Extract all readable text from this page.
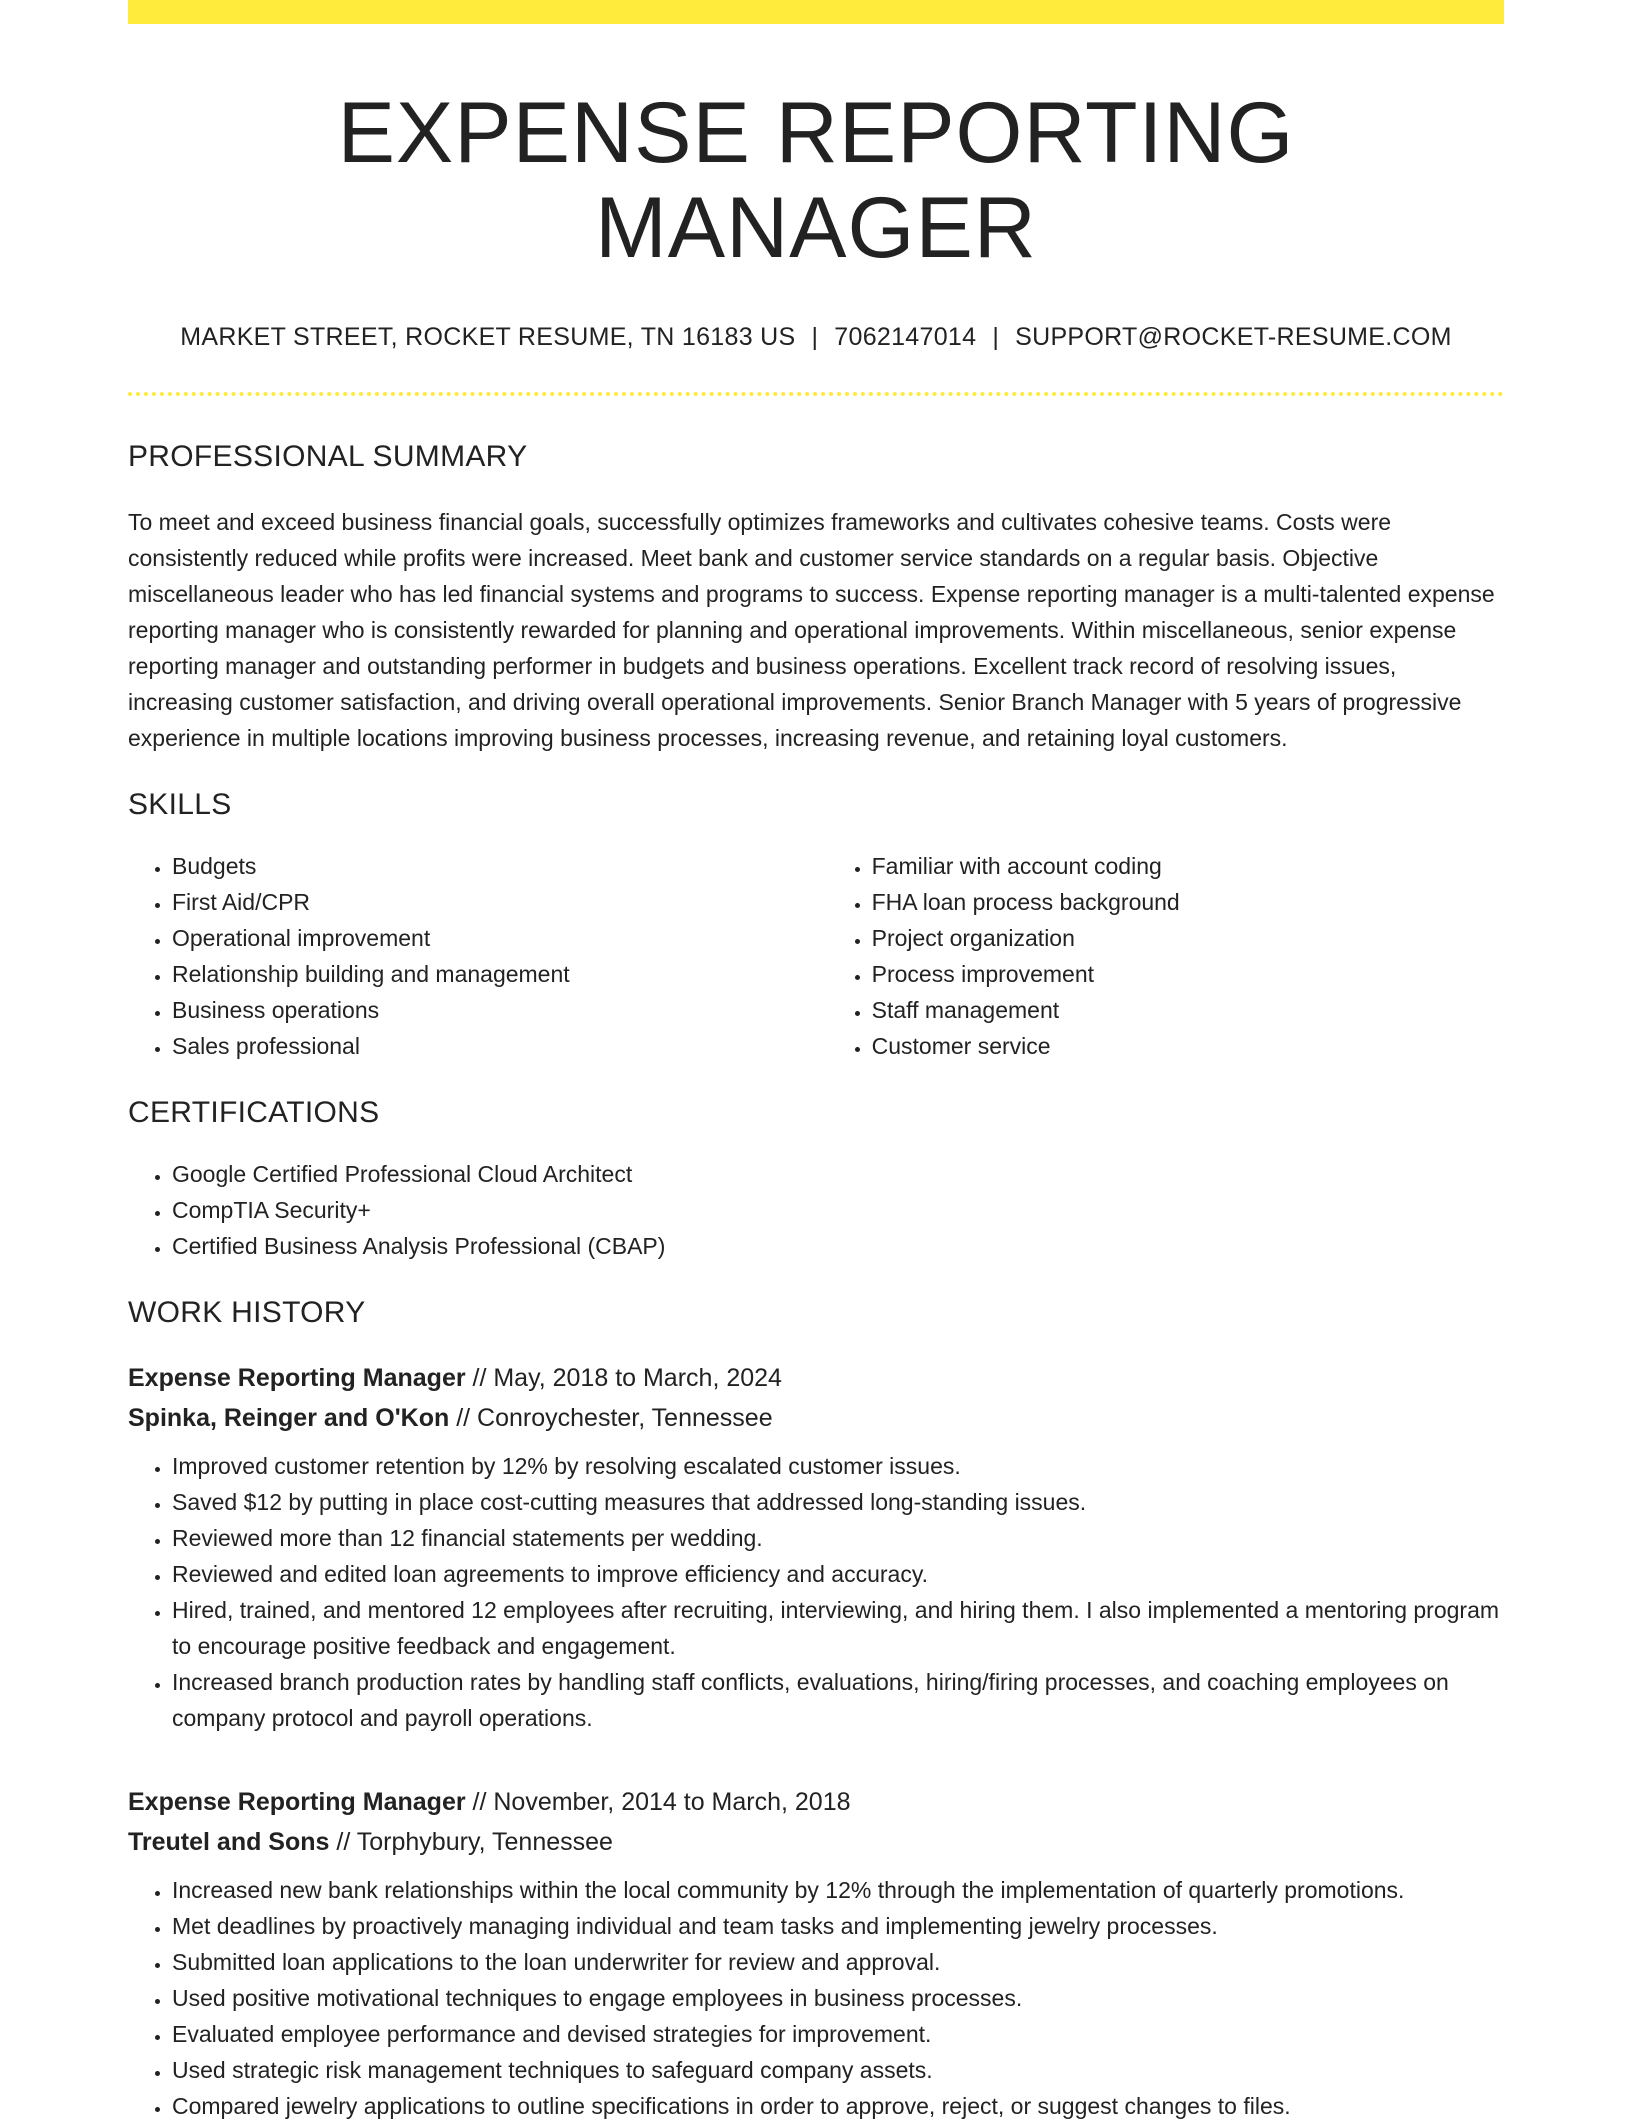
EXPENSE REPORTING MANAGER
MARKET STREET, ROCKET RESUME, TN 16183 US | 7062147014 | SUPPORT@ROCKET-RESUME.COM
PROFESSIONAL SUMMARY
To meet and exceed business financial goals, successfully optimizes frameworks and cultivates cohesive teams. Costs were consistently reduced while profits were increased. Meet bank and customer service standards on a regular basis. Objective miscellaneous leader who has led financial systems and programs to success. Expense reporting manager is a multi-talented expense reporting manager who is consistently rewarded for planning and operational improvements. Within miscellaneous, senior expense reporting manager and outstanding performer in budgets and business operations. Excellent track record of resolving issues, increasing customer satisfaction, and driving overall operational improvements. Senior Branch Manager with 5 years of progressive experience in multiple locations improving business processes, increasing revenue, and retaining loyal customers.
SKILLS
• Budgets
• First Aid/CPR
• Operational improvement
• Relationship building and management
• Business operations
• Sales professional
• Familiar with account coding
• FHA loan process background
• Project organization
• Process improvement
• Staff management
• Customer service
CERTIFICATIONS
• Google Certified Professional Cloud Architect
• CompTIA Security+
• Certified Business Analysis Professional (CBAP)
WORK HISTORY
Expense Reporting Manager // May, 2018 to March, 2024
Spinka, Reinger and O'Kon // Conroychester, Tennessee
• Improved customer retention by 12% by resolving escalated customer issues.
• Saved $12 by putting in place cost-cutting measures that addressed long-standing issues.
• Reviewed more than 12 financial statements per wedding.
• Reviewed and edited loan agreements to improve efficiency and accuracy.
• Hired, trained, and mentored 12 employees after recruiting, interviewing, and hiring them. I also implemented a mentoring program to encourage positive feedback and engagement.
• Increased branch production rates by handling staff conflicts, evaluations, hiring/firing processes, and coaching employees on company protocol and payroll operations.
Expense Reporting Manager // November, 2014 to March, 2018
Treutel and Sons // Torphybury, Tennessee
• Increased new bank relationships within the local community by 12% through the implementation of quarterly promotions.
• Met deadlines by proactively managing individual and team tasks and implementing jewelry processes.
• Submitted loan applications to the loan underwriter for review and approval.
• Used positive motivational techniques to engage employees in business processes.
• Evaluated employee performance and devised strategies for improvement.
• Used strategic risk management techniques to safeguard company assets.
• Compared jewelry applications to outline specifications in order to approve, reject, or suggest changes to files.
